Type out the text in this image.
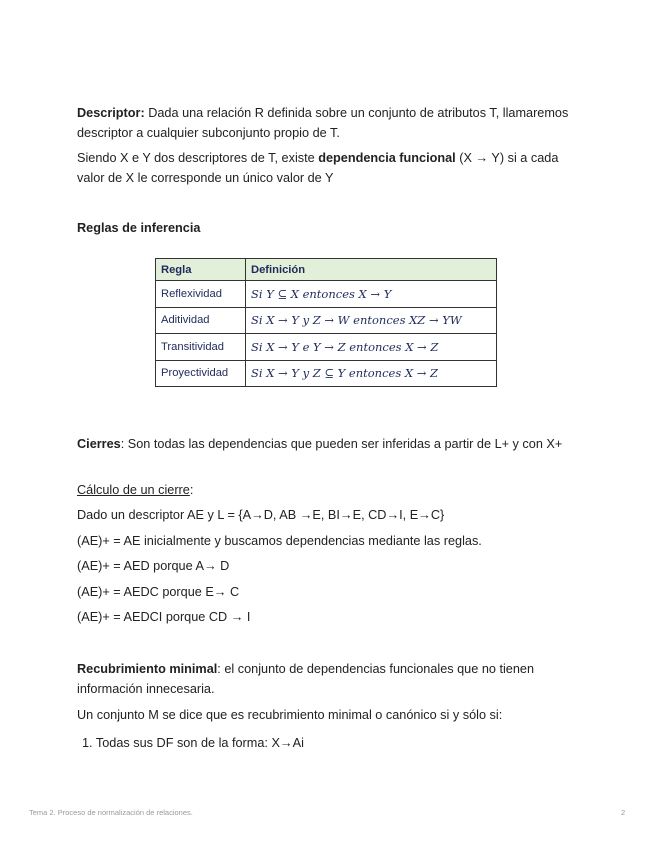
Descriptor: Dada una relación R definida sobre un conjunto de atributos T, llamaremos descriptor a cualquier subconjunto propio de T.

Siendo X e Y dos descriptores de T, existe dependencia funcional (X → Y) si a cada valor de X le corresponde un único valor de Y

Reglas de inferencia

Regla	Definición
Reflexividad	Si Y ⊆ X entonces X → Y
Aditividad	Si X → Y y Z → W entonces XZ → YW
Transitividad	Si X → Y e Y → Z entonces X → Z
Proyectividad	Si X → Y y Z ⊆ Y entonces X → Z

Cierres: Son todas las dependencias que pueden ser inferidas a partir de L+ y con X+

Cálculo de un cierre:

Dado un descriptor AE y L = {A→D, AB →E, BI→E, CD→I, E→C}

(AE)+ = AE inicialmente y buscamos dependencias mediante las reglas.

(AE)+ = AED porque A→ D

(AE)+ = AEDC porque E→ C

(AE)+ = AEDCI porque CD → I

Recubrimiento minimal: el conjunto de dependencias funcionales que no tienen información innecesaria.

Un conjunto M se dice que es recubrimiento minimal o canónico si y sólo si:

1. Todas sus DF son de la forma: X→Ai

Tema 2. Proceso de normalización de relaciones.	2
